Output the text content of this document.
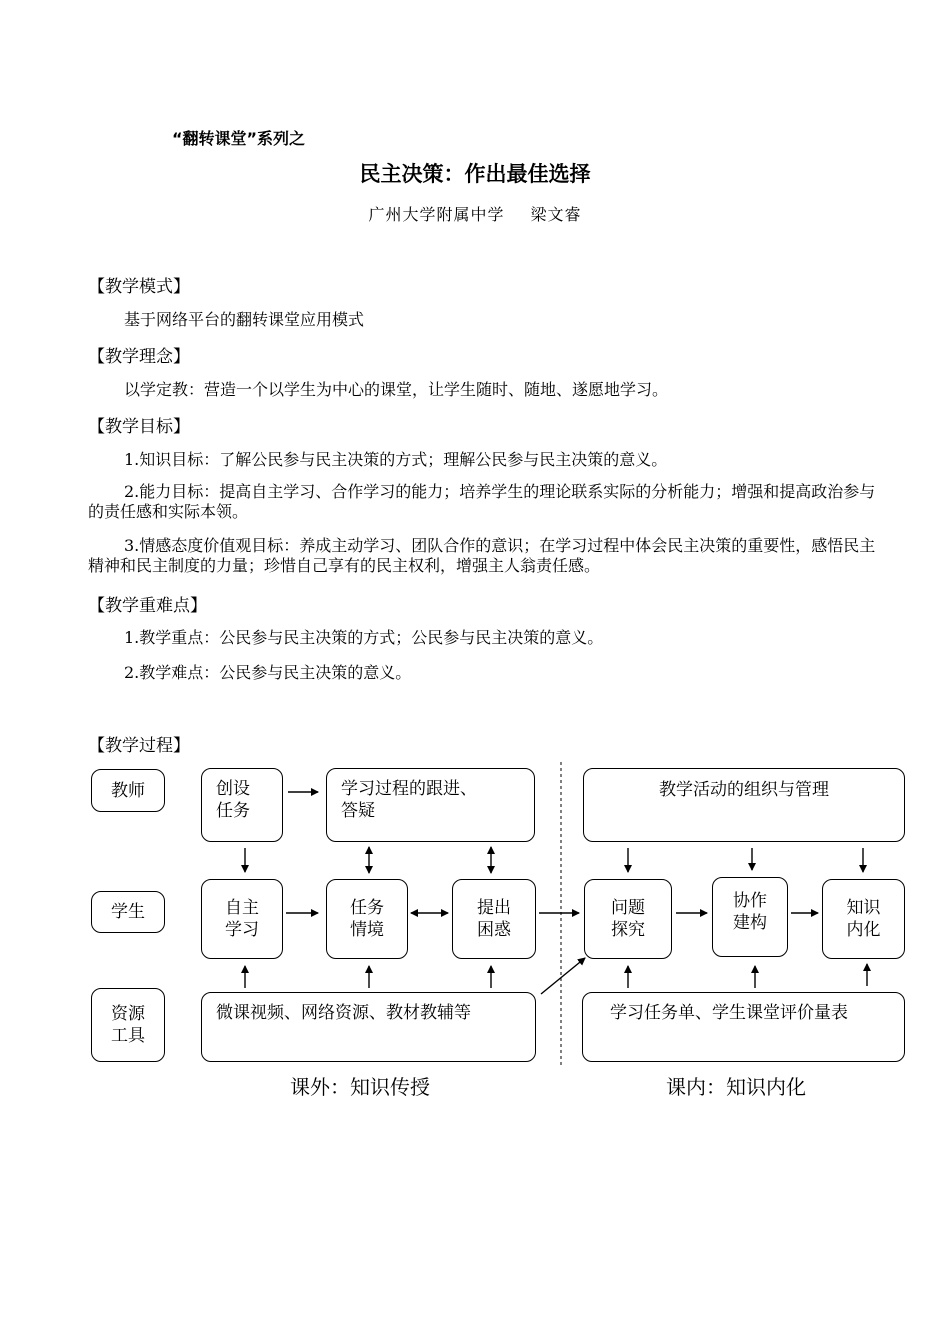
“翻转课堂”系列之
民主决策：作出最佳选择
广州大学附属中学 梁文睿
【教学模式】
基于网络平台的翻转课堂应用模式
【教学理念】
以学定教：营造一个以学生为中心的课堂，让学生随时、随地、遂愿地学习。
【教学目标】
1.知识目标：了解公民参与民主决策的方式；理解公民参与民主决策的意义。
2.能力目标：提高自主学习、合作学习的能力；培养学生的理论联系实际的分析能力；增强和提高政治参与的责任感和实际本领。
3.情感态度价值观目标：养成主动学习、团队合作的意识；在学习过程中体会民主决策的重要性，感悟民主精神和民主制度的力量；珍惜自己享有的民主权利，增强主人翁责任感。
【教学重难点】
1.教学重点：公民参与民主决策的方式；公民参与民主决策的意义。
2.教学难点：公民参与民主决策的意义。
【教学过程】
教师
学生
资源
工具
创设
任务
学习过程的跟进、
答疑
教学活动的组织与管理
自主
学习
任务
情境
提出
困惑
问题
探究
协作
建构
知识
内化
微课视频、网络资源、教材教辅等	学习任务单、学生课堂评价量表
课外：知识传授	课内：知识内化
